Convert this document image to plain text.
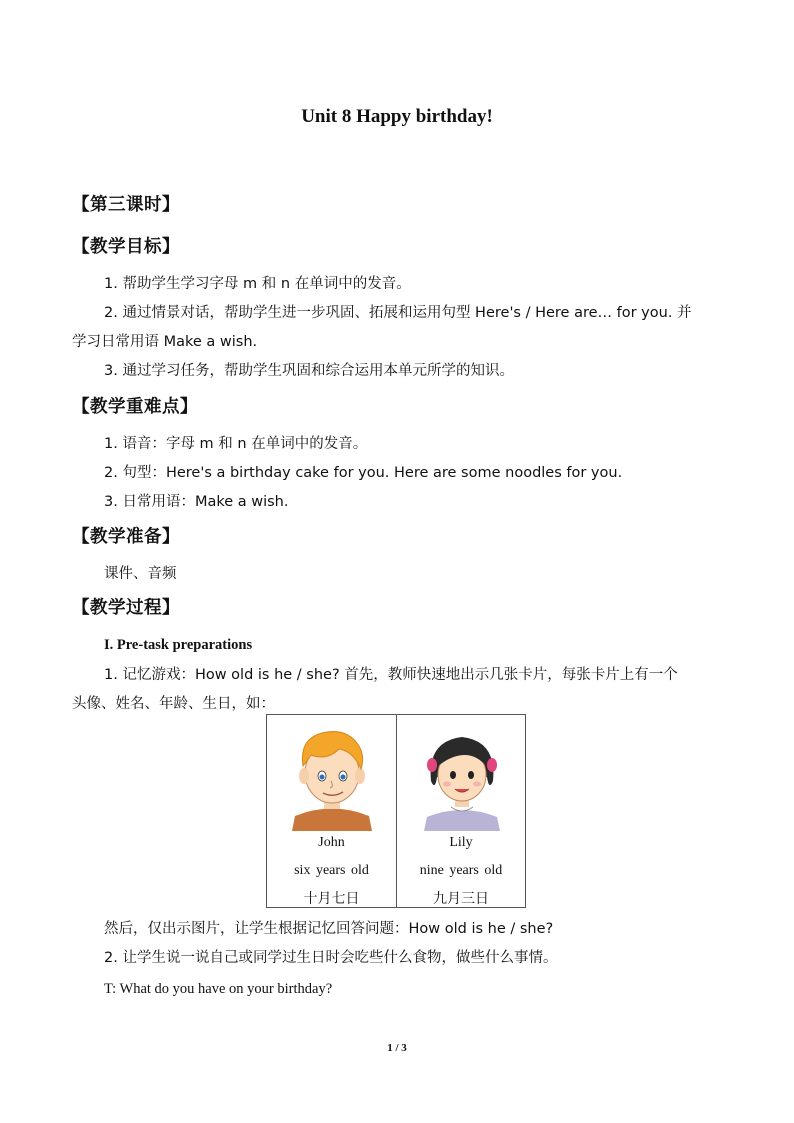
Unit 8 Happy birthday!
【第三课时】
【教学目标】
1. 帮助学生学习字母 m 和 n 在单词中的发音。
2. 通过情景对话，帮助学生进一步巩固、拓展和运用句型 Here's / Here are… for you. 并
学习日常用语 Make a wish.
3. 通过学习任务，帮助学生巩固和综合运用本单元所学的知识。
【教学重难点】
1. 语音：字母 m 和 n 在单词中的发音。
2. 句型：Here's a birthday cake for you. Here are some noodles for you.
3. 日常用语：Make a wish.
【教学准备】
课件、音频
【教学过程】
I. Pre-task preparations
1. 记忆游戏：How old is he / she? 首先，教师快速地出示几张卡片，每张卡片上有一个
头像、姓名、年龄、生日，如：
John
six years old
十月七日
Lily
nine years old
九月三日
然后，仅出示图片，让学生根据记忆回答问题：How old is he / she?
2. 让学生说一说自己或同学过生日时会吃些什么食物，做些什么事情。
T: What do you have on your birthday?
1 / 3
